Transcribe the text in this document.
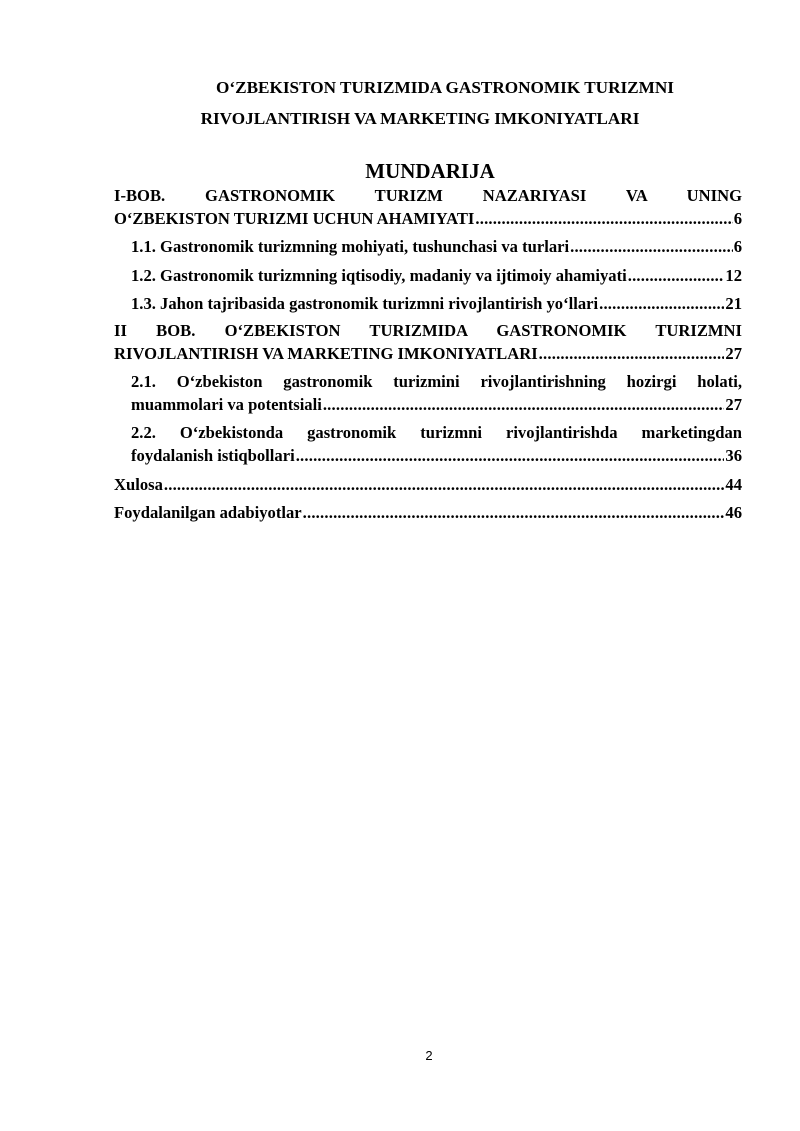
O‘ZBEKISTON TURIZMIDA GASTRONOMIK TURIZMNI

RIVOJLANTIRISH VA MARKETING IMKONIYATLARI

MUNDARIJA

I-BOB. GASTRONOMIK TURIZM NAZARIYASI VA UNING
O‘ZBEKISTON TURIZMI UCHUN AHAMIYATI .....	6
1.1. Gastronomik turizmning mohiyati, tushunchasi va turlari .....	6
1.2. Gastronomik turizmning iqtisodiy, madaniy va ijtimoiy ahamiyati .....	12
1.3. Jahon tajribasida gastronomik turizmni rivojlantirish yo‘llari .....	21
II BOB. O‘ZBEKISTON TURIZMIDA GASTRONOMIK TURIZMNI
RIVOJLANTIRISH VA MARKETING IMKONIYATLARI .....	27
2.1. O‘zbekiston gastronomik turizmini rivojlantirishning hozirgi holati,
muammolari va potentsiali .....	27
2.2. O‘zbekistonda gastronomik turizmni rivojlantirishda marketingdan
foydalanish istiqbollari .....	36
Xulosa .....	44
Foydalanilgan adabiyotlar .....	46
2
